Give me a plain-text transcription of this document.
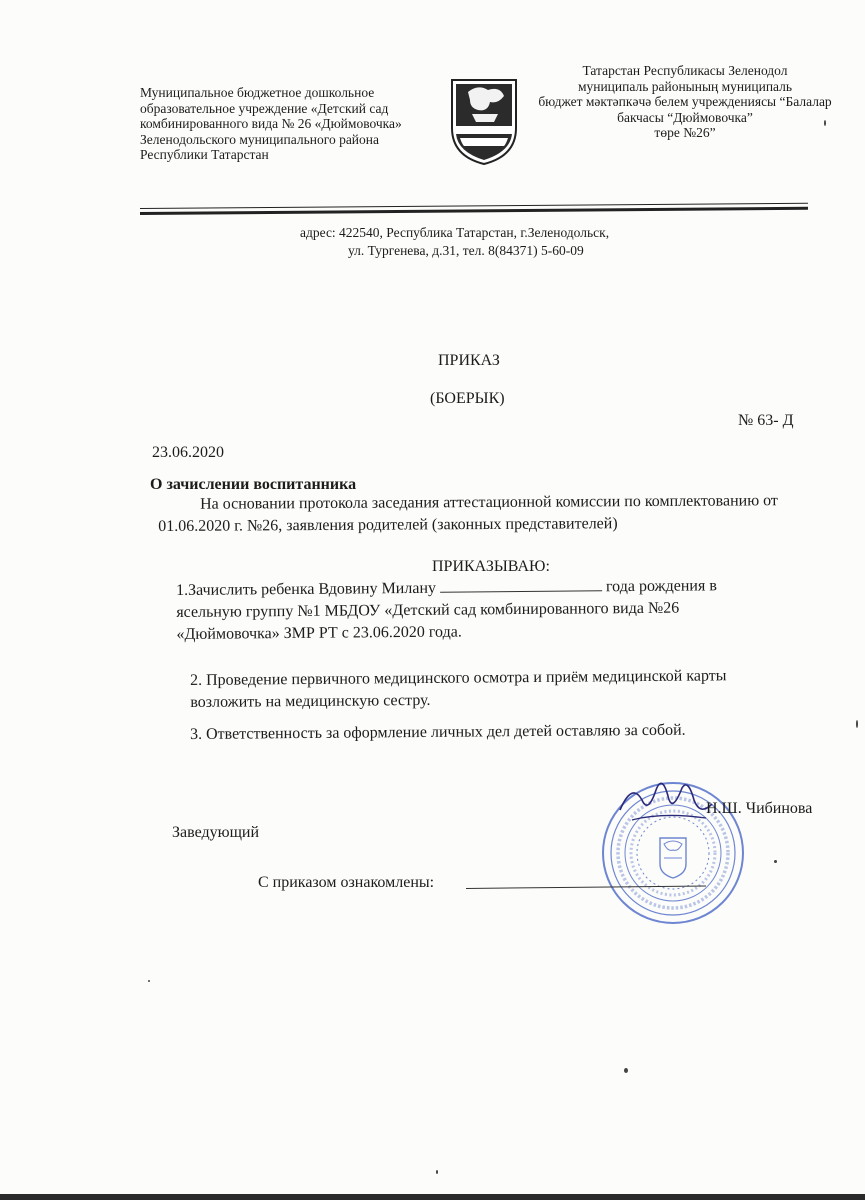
Муниципальное бюджетное дошкольное
образовательное учреждение «Детский сад
комбинированного вида № 26 «Дюймовочка»
Зеленодольского муниципального района
Республики Татарстан
Татарстан Республикасы Зеленодол
муниципаль районының муниципаль
бюджет мәктәпкәчә белем учреждениясы “Балалар
бакчасы “Дюймовочка”
төре №26”
адрес: 422540, Республика Татарстан, г.Зеленодольск,
ул. Тургенева, д.31, тел. 8(84371) 5-60-09
ПРИКАЗ
(БОЕРЫК)
№ 63- Д
23.06.2020
О зачислении воспитанника
На основании протокола заседания аттестационной комиссии по комплектованию от
01.06.2020 г. №26, заявления родителей (законных представителей)
ПРИКАЗЫВАЮ:
1.Зачислить ребенка Вдовину Милану	года рождения в
ясельную группу №1 МБДОУ «Детский сад комбинированного вида №26
«Дюймовочка» ЗМР РТ с 23.06.2020 года.
2. Проведение первичного медицинского осмотра и приём медицинской карты
возложить на медицинскую сестру.
3. Ответственность за оформление личных дел детей оставляю за собой.
Н.Ш. Чибинова
Заведующий
С приказом ознакомлены:
